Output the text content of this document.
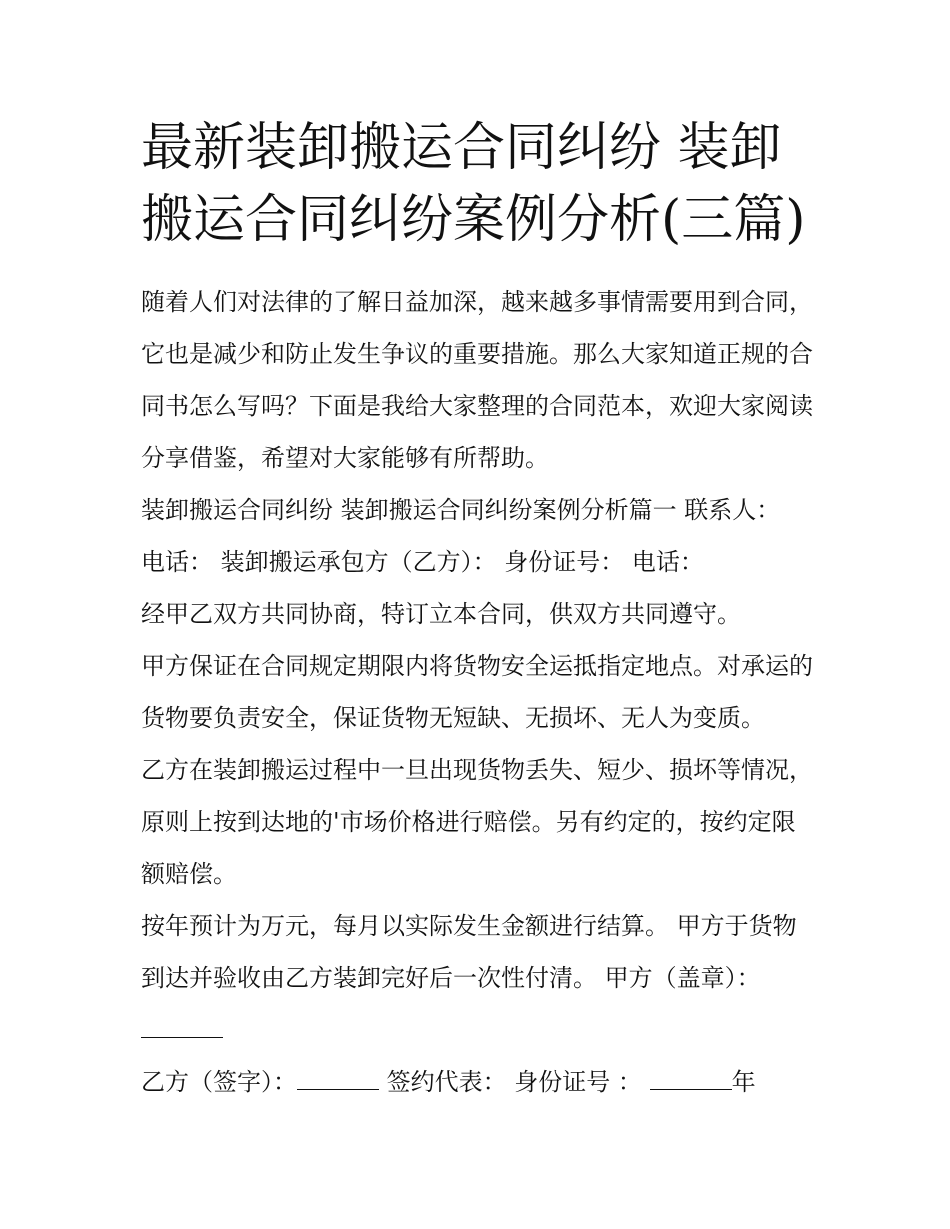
最新装卸搬运合同纠纷 装卸搬运合同纠纷案例分析(三篇)

随着人们对法律的了解日益加深，越来越多事情需要用到合同，它也是减少和防止发生争议的重要措施。那么大家知道正规的合同书怎么写吗？下面是我给大家整理的合同范本，欢迎大家阅读分享借鉴，希望对大家能够有所帮助。

装卸搬运合同纠纷 装卸搬运合同纠纷案例分析篇一 联系人：

电话： 装卸搬运承包方（乙方）： 身份证号： 电话：

经甲乙双方共同协商，特订立本合同，供双方共同遵守。

甲方保证在合同规定期限内将货物安全运抵指定地点。对承运的货物要负责安全，保证货物无短缺、无损坏、无人为变质。

乙方在装卸搬运过程中一旦出现货物丢失、短少、损坏等情况，原则上按到达地的'市场价格进行赔偿。另有约定的，按约定限额赔偿。

按年预计为万元，每月以实际发生金额进行结算。 甲方于货物到达并验收由乙方装卸完好后一次性付清。 甲方（盖章）：

乙方（签字）：	签约代表： 身份证号 ：	年
